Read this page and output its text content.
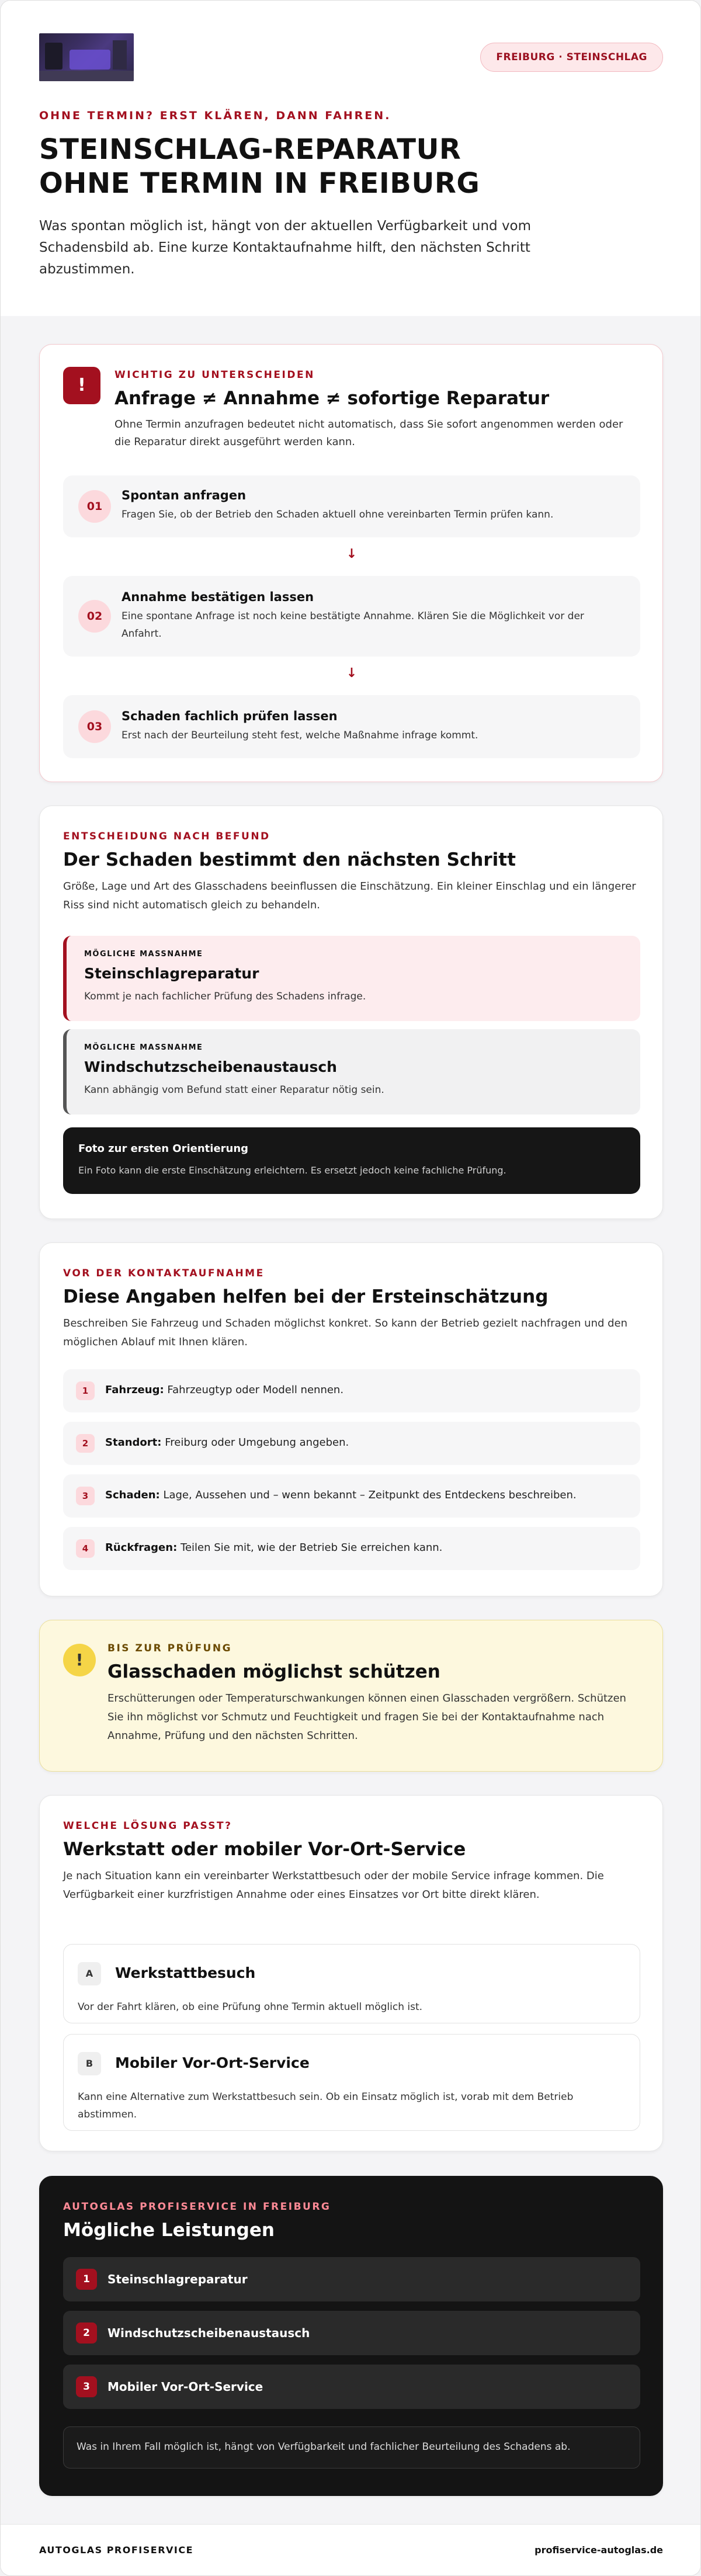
FREIBURG · STEINSCHLAG
OHNE TERMIN? ERST KLÄREN, DANN FAHREN.
STEINSCHLAG-REPARATUR
OHNE TERMIN IN FREIBURG
Was spontan möglich ist, hängt von der aktuellen Verfügbarkeit und vom Schadensbild ab. Eine kurze Kontaktaufnahme hilft, den nächsten Schritt abzustimmen.
!	WICHTIG ZU UNTERSCHEIDEN
Anfrage ≠ Annahme ≠ sofortige Reparatur
Ohne Termin anzufragen bedeutet nicht automatisch, dass Sie sofort angenommen werden oder die Reparatur direkt ausgeführt werden kann.
01
Spontan anfragen
Fragen Sie, ob der Betrieb den Schaden aktuell ohne vereinbarten Termin prüfen kann.
↓
02
Annahme bestätigen lassen
Eine spontane Anfrage ist noch keine bestätigte Annahme. Klären Sie die Möglichkeit vor der Anfahrt.
↓
03
Schaden fachlich prüfen lassen
Erst nach der Beurteilung steht fest, welche Maßnahme infrage kommt.
ENTSCHEIDUNG NACH BEFUND
Der Schaden bestimmt den nächsten Schritt
Größe, Lage und Art des Glasschadens beeinflussen die Einschätzung. Ein kleiner Einschlag und ein längerer Riss sind nicht automatisch gleich zu behandeln.
MÖGLICHE MASSNAHME
Steinschlagreparatur
Kommt je nach fachlicher Prüfung des Schadens infrage.
MÖGLICHE MASSNAHME
Windschutzscheibenaustausch
Kann abhängig vom Befund statt einer Reparatur nötig sein.
Foto zur ersten Orientierung
Ein Foto kann die erste Einschätzung erleichtern. Es ersetzt jedoch keine fachliche Prüfung.
VOR DER KONTAKTAUFNAHME
Diese Angaben helfen bei der Ersteinschätzung
Beschreiben Sie Fahrzeug und Schaden möglichst konkret. So kann der Betrieb gezielt nachfragen und den möglichen Ablauf mit Ihnen klären.
1	Fahrzeug: Fahrzeugtyp oder Modell nennen.
2	Standort: Freiburg oder Umgebung angeben.
3	Schaden: Lage, Aussehen und – wenn bekannt – Zeitpunkt des Entdeckens beschreiben.
4	Rückfragen: Teilen Sie mit, wie der Betrieb Sie erreichen kann.
!
BIS ZUR PRÜFUNG
Glasschaden möglichst schützen
Erschütterungen oder Temperaturschwankungen können einen Glasschaden vergrößern. Schützen Sie ihn möglichst vor Schmutz und Feuchtigkeit und fragen Sie bei der Kontaktaufnahme nach Annahme, Prüfung und den nächsten Schritten.
WELCHE LÖSUNG PASST?
Werkstatt oder mobiler Vor-Ort-Service
Je nach Situation kann ein vereinbarter Werkstattbesuch oder der mobile Service infrage kommen. Die Verfügbarkeit einer kurzfristigen Annahme oder eines Einsatzes vor Ort bitte direkt klären.
A	Werkstattbesuch
Vor der Fahrt klären, ob eine Prüfung ohne Termin aktuell möglich ist.
B	Mobiler Vor-Ort-Service
Kann eine Alternative zum Werkstattbesuch sein. Ob ein Einsatz möglich ist, vorab mit dem Betrieb abstimmen.
AUTOGLAS PROFISERVICE IN FREIBURG
Mögliche Leistungen
1	Steinschlagreparatur
2	Windschutzscheibenaustausch
3	Mobiler Vor-Ort-Service
Was in Ihrem Fall möglich ist, hängt von Verfügbarkeit und fachlicher Beurteilung des Schadens ab.
AUTOGLAS PROFISERVICE	profiservice-autoglas.de
